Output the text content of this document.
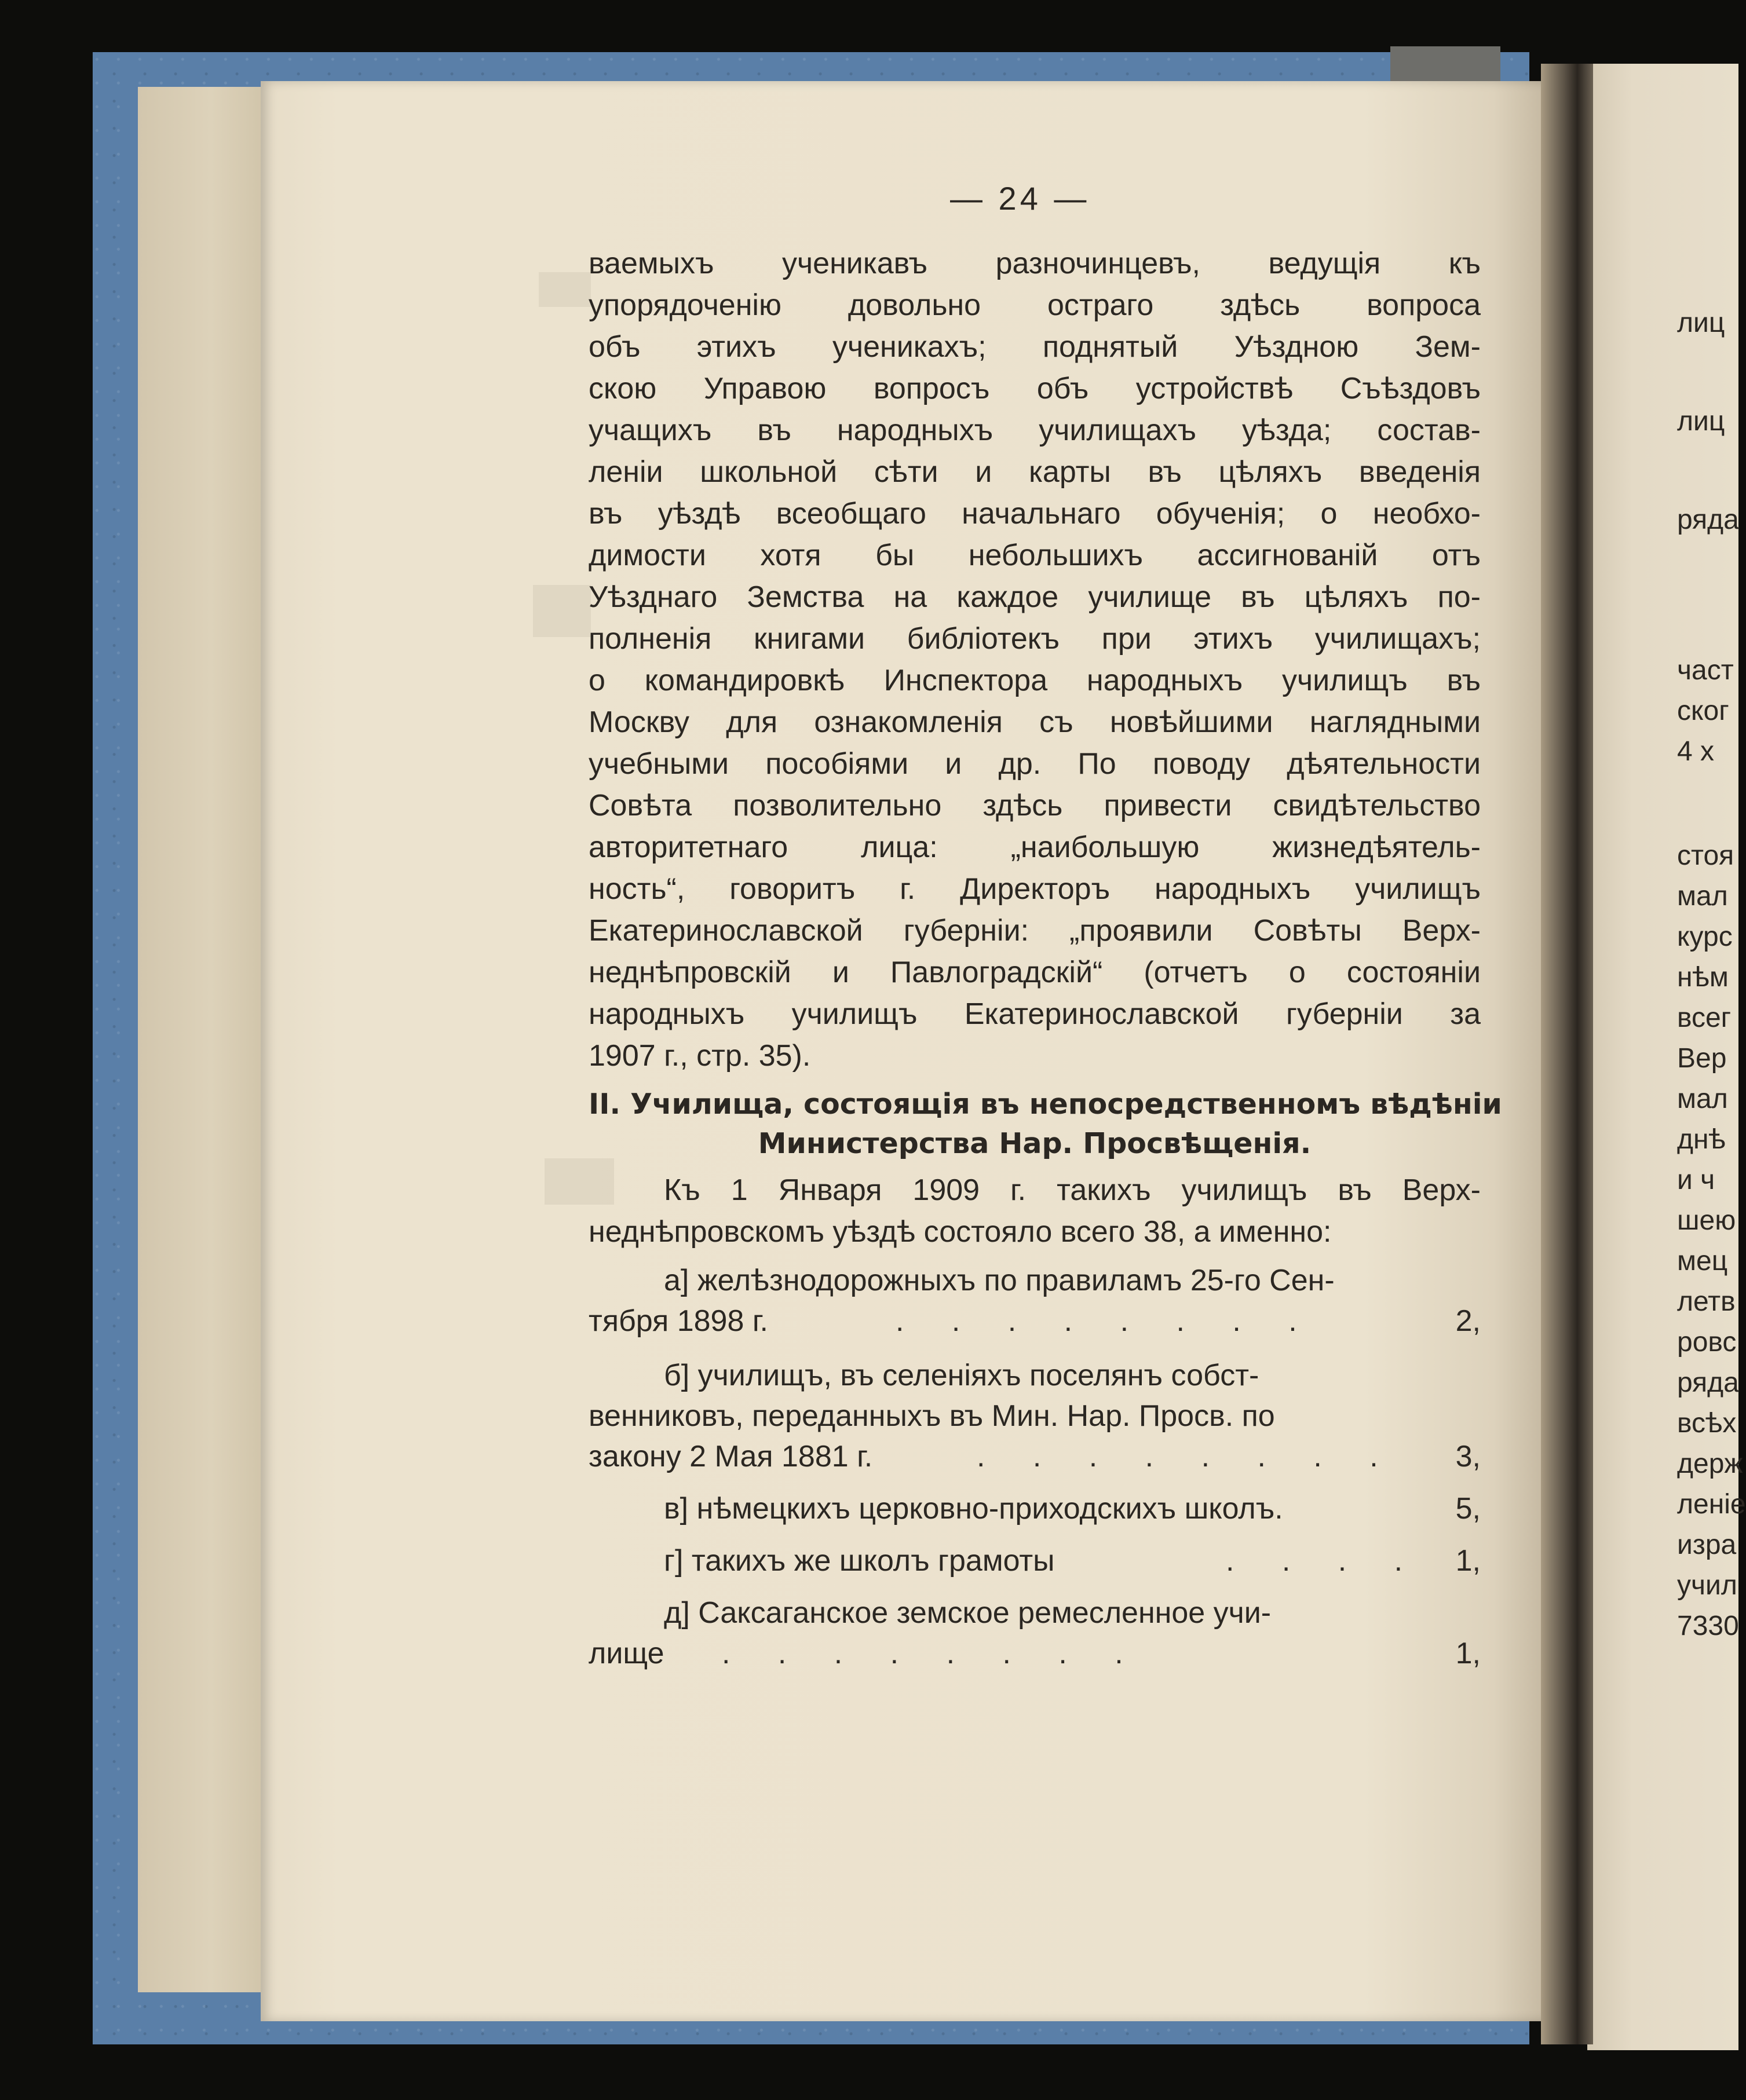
— 24 —
ваемыхъ ученикавъ разночинцевъ, ведущія къ
упорядоченію довольно остраго здѣсь вопроса
объ этихъ ученикахъ; поднятый Уѣздною Зем-
скою Управою вопросъ объ устройствѣ Съѣздовъ
учащихъ въ народныхъ училищахъ уѣзда; состав-
леніи школьной сѣти и карты въ цѣляхъ введенія
въ уѣздѣ всеобщаго начальнаго обученія; о необхо-
димости хотя бы небольшихъ ассигнованій отъ
Уѣзднаго Земства на каждое училище въ цѣляхъ по-
полненія книгами библіотекъ при этихъ училищахъ;
о командировкѣ Инспектора народныхъ училищъ въ
Москву для ознакомленія съ новѣйшими наглядными
учебными пособіями и др. По поводу дѣятельности
Совѣта позволительно здѣсь привести свидѣтельство
авторитетнаго лица: „наибольшую жизнедѣятель-
ность“, говоритъ г. Директоръ народныхъ училищъ
Екатеринославской губерніи: „проявили Совѣты Верх-
неднѣпровскій и Павлоградскій“ (отчетъ о состояніи
народныхъ училищъ Екатеринославской губерніи за
1907 г., стр. 35).
II. Училища, состоящія въ непосредственномъ вѣдѣніи
Министерства Нар. Просвѣщенія.
Къ 1 Января 1909 г. такихъ училищъ въ Верх-
неднѣпровскомъ уѣздѣ состояло всего 38, а именно:
а] желѣзнодорожныхъ по правиламъ 25-го Сен-
тября 1898 г.	. . . . . . . .	2,
б] училищъ, въ селеніяхъ поселянъ собст-
венниковъ, переданныхъ въ Мин. Нар. Просв. по
закону 2 Мая 1881 г.	. . . . . . . . 3,
в] нѣмецкихъ церковно-приходскихъ школъ.	5,
г] такихъ же школъ грамоты	. . . . 1,
д] Саксаганское земское ремесленное учи-
лище . . . . . . . .	1,
лиц
лиц
ряда
част
ског
4 х
стоя
мал
курс
нѣм
всег
Вер
мал
днѣ
и ч
шею
мец
летв
ровс
ряда
всѣх
держ
леніе
изра
учил
7330
